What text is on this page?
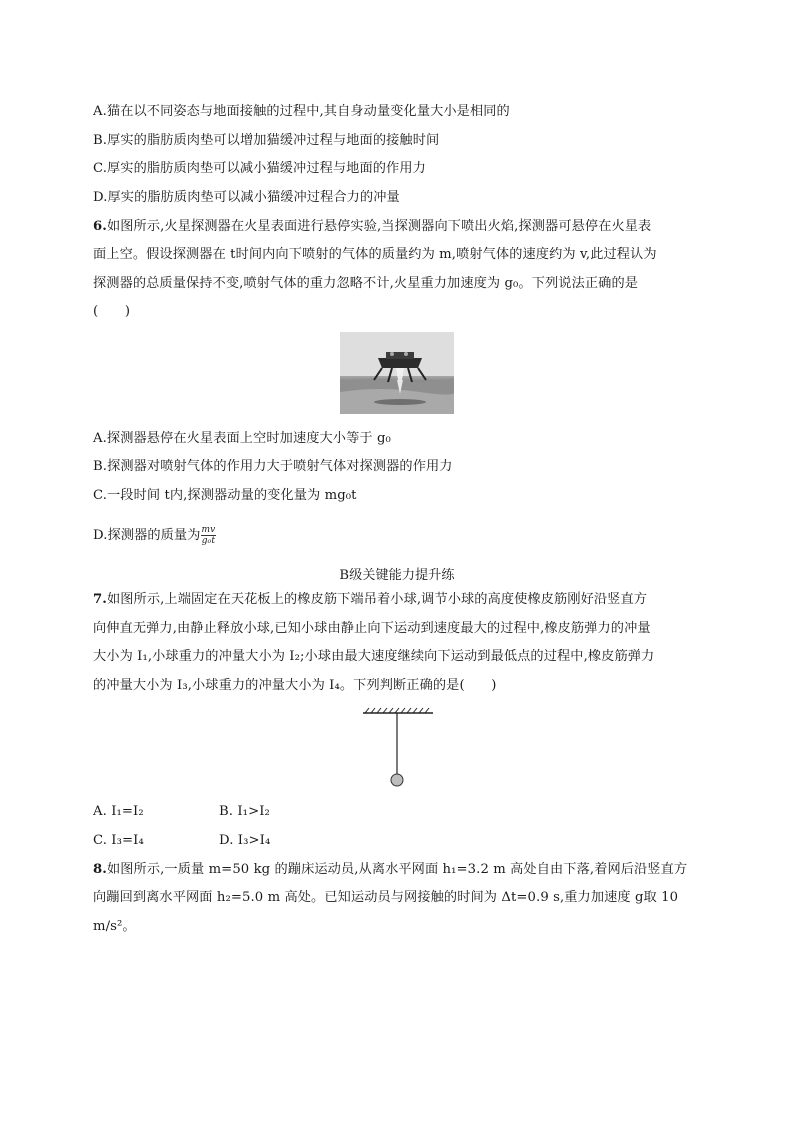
A.猫在以不同姿态与地面接触的过程中,其自身动量变化量大小是相同的
B.厚实的脂肪质肉垫可以增加猫缓冲过程与地面的接触时间
C.厚实的脂肪质肉垫可以减小猫缓冲过程与地面的作用力
D.厚实的脂肪质肉垫可以减小猫缓冲过程合力的冲量
6.如图所示,火星探测器在火星表面进行悬停实验,当探测器向下喷出火焰,探测器可悬停在火星表
面上空。假设探测器在 t时间内向下喷射的气体的质量约为 m,喷射气体的速度约为 v,此过程认为
探测器的总质量保持不变,喷射气体的重力忽略不计,火星重力加速度为 g₀。下列说法正确的是
(　　)
A.探测器悬停在火星表面上空时加速度大小等于 g₀
B.探测器对喷射气体的作用力大于喷射气体对探测器的作用力
C.一段时间 t内,探测器动量的变化量为 mg₀t
D.探测器的质量为 $\frac{mv}{\text{g₀t}}$
B级关键能力提升练
7.如图所示,上端固定在天花板上的橡皮筋下端吊着小球,调节小球的高度使橡皮筋刚好沿竖直方
向伸直无弹力,由静止释放小球,已知小球由静止向下运动到速度最大的过程中,橡皮筋弹力的冲量
大小为 I₁,小球重力的冲量大小为 I₂;小球由最大速度继续向下运动到最低点的过程中,橡皮筋弹力
的冲量大小为 I₃,小球重力的冲量大小为 I₄。下列判断正确的是(　　)
A. I₁=I₂	B. I₁>I₂
C. I₃=I₄	D. I₃>I₄
8.如图所示,一质量 m=50 kg 的蹦床运动员,从离水平网面 h₁=3.2 m 高处自由下落,着网后沿竖直方
向蹦回到离水平网面 h₂=5.0 m 高处。已知运动员与网接触的时间为 Δt=0.9 s,重力加速度 g取 10
m/s²。
